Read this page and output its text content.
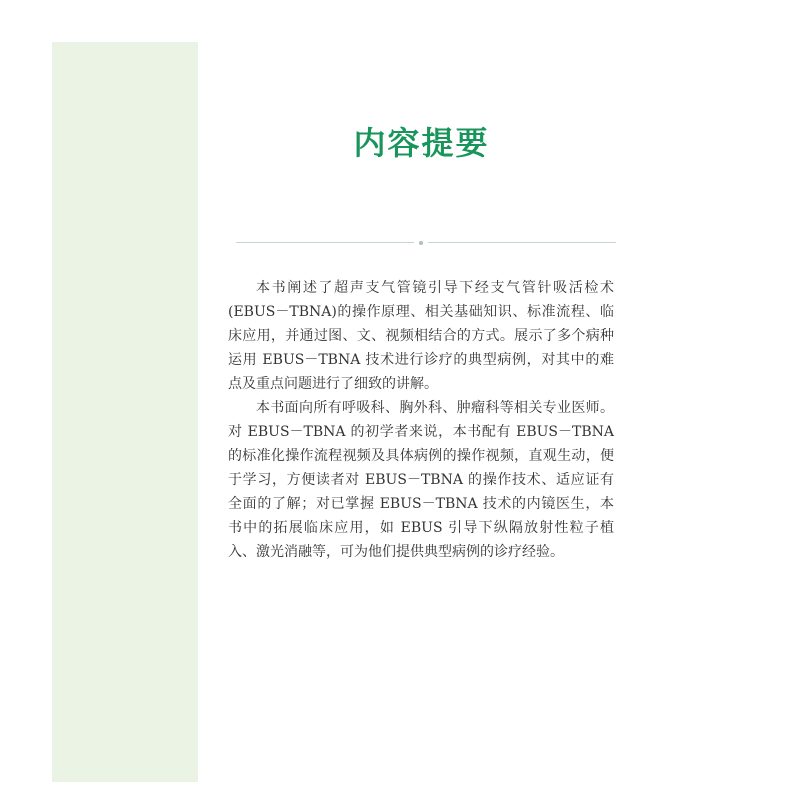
内容提要

本书阐述了超声支气管镜引导下经支气管针吸活检术(EBUS－TBNA)的操作原理、相关基础知识、标准流程、临床应用，并通过图、文、视频相结合的方式。展示了多个病种运用 EBUS－TBNA 技术进行诊疗的典型病例，对其中的难点及重点问题进行了细致的讲解。

本书面向所有呼吸科、胸外科、肿瘤科等相关专业医师。对 EBUS－TBNA 的初学者来说，本书配有 EBUS－TBNA 的标准化操作流程视频及具体病例的操作视频，直观生动，便于学习，方便读者对 EBUS－TBNA 的操作技术、适应证有全面的了解；对已掌握 EBUS－TBNA 技术的内镜医生，本书中的拓展临床应用，如 EBUS 引导下纵隔放射性粒子植入、激光消融等，可为他们提供典型病例的诊疗经验。
